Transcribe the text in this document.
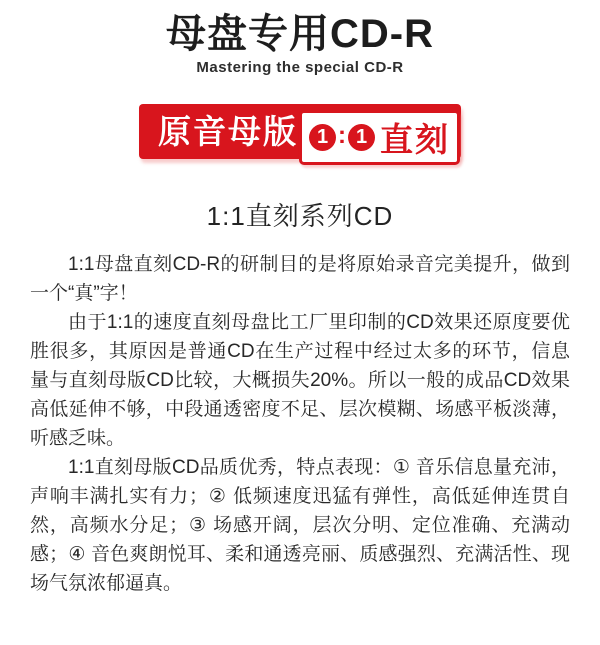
母盘专用CD-R
Mastering the special CD-R
原音母版 1 : 1 直刻
1:1直刻系列CD

1:1母盘直刻CD-R的研制目的是将原始录音完美提升，做到一个“真”字！

由于1:1的速度直刻母盘比工厂里印制的CD效果还原度要优胜很多，其原因是普通CD在生产过程中经过太多的环节，信息量与直刻母版CD比较，大概损失20%。所以一般的成品CD效果高低延伸不够，中段通透密度不足、层次模糊、场感平板淡薄，听感乏味。

1:1直刻母版CD品质优秀，特点表现：① 音乐信息量充沛，声响丰满扎实有力；② 低频速度迅猛有弹性，高低延伸连贯自然，高频水分足；③ 场感开阔，层次分明、定位准确、充满动感；④ 音色爽朗悦耳、柔和通透亮丽、质感强烈、充满活性、现场气氛浓郁逼真。
